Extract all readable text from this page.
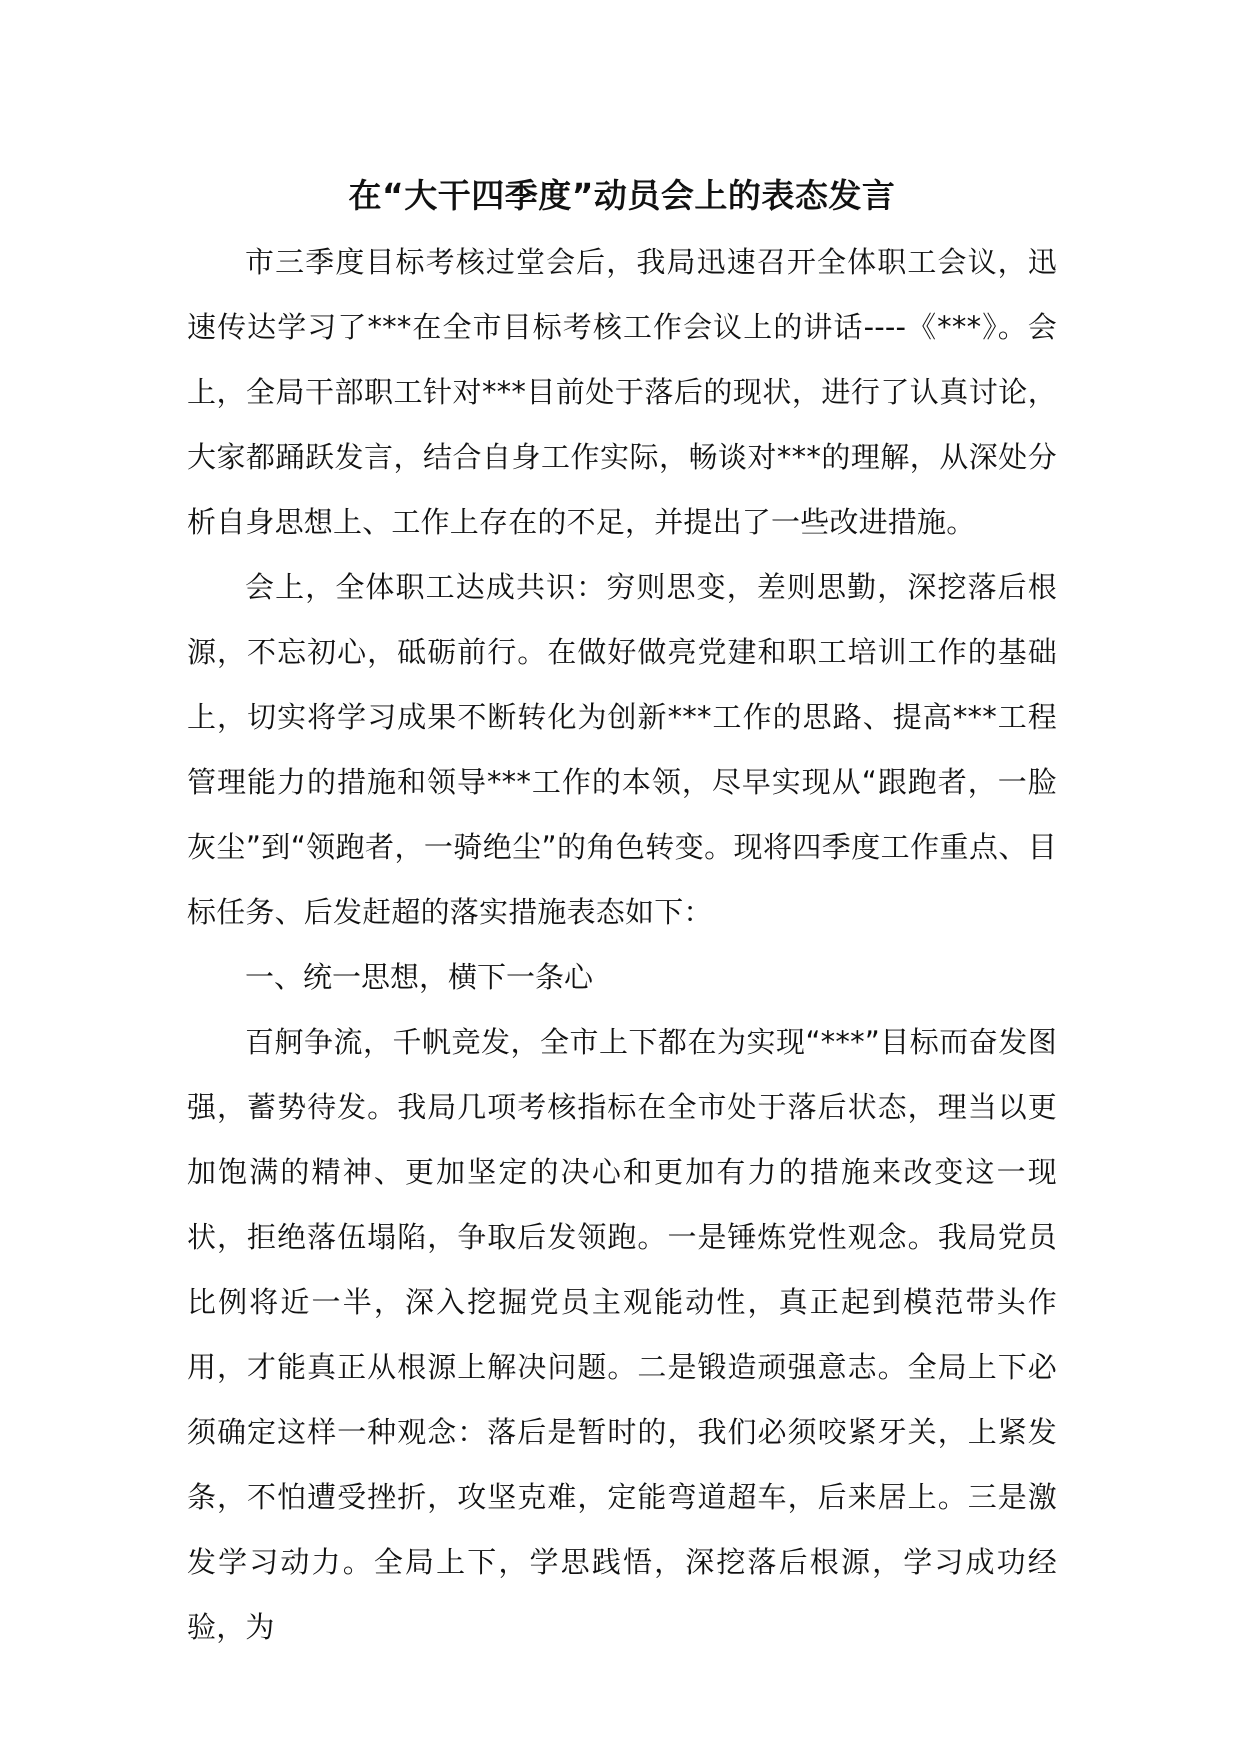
在“大干四季度”动员会上的表态发言

市三季度目标考核过堂会后，我局迅速召开全体职工会议，迅速传达学习了***在全市目标考核工作会议上的讲话----《***》。会上，全局干部职工针对***目前处于落后的现状，进行了认真讨论，大家都踊跃发言，结合自身工作实际，畅谈对***的理解，从深处分析自身思想上、工作上存在的不足，并提出了一些改进措施。

会上，全体职工达成共识：穷则思变，差则思勤，深挖落后根源，不忘初心，砥砺前行。在做好做亮党建和职工培训工作的基础上，切实将学习成果不断转化为创新***工作的思路、提高***工程管理能力的措施和领导***工作的本领，尽早实现从“跟跑者，一脸灰尘”到“领跑者，一骑绝尘”的角色转变。现将四季度工作重点、目标任务、后发赶超的落实措施表态如下：

一、统一思想，横下一条心

百舸争流，千帆竞发，全市上下都在为实现“***”目标而奋发图强，蓄势待发。我局几项考核指标在全市处于落后状态，理当以更加饱满的精神、更加坚定的决心和更加有力的措施来改变这一现状，拒绝落伍塌陷，争取后发领跑。一是锤炼党性观念。我局党员比例将近一半，深入挖掘党员主观能动性，真正起到模范带头作用，才能真正从根源上解决问题。二是锻造顽强意志。全局上下必须确定这样一种观念：落后是暂时的，我们必须咬紧牙关，上紧发条，不怕遭受挫折，攻坚克难，定能弯道超车，后来居上。三是激发学习动力。全局上下，学思践悟，深挖落后根源，学习成功经验，为
